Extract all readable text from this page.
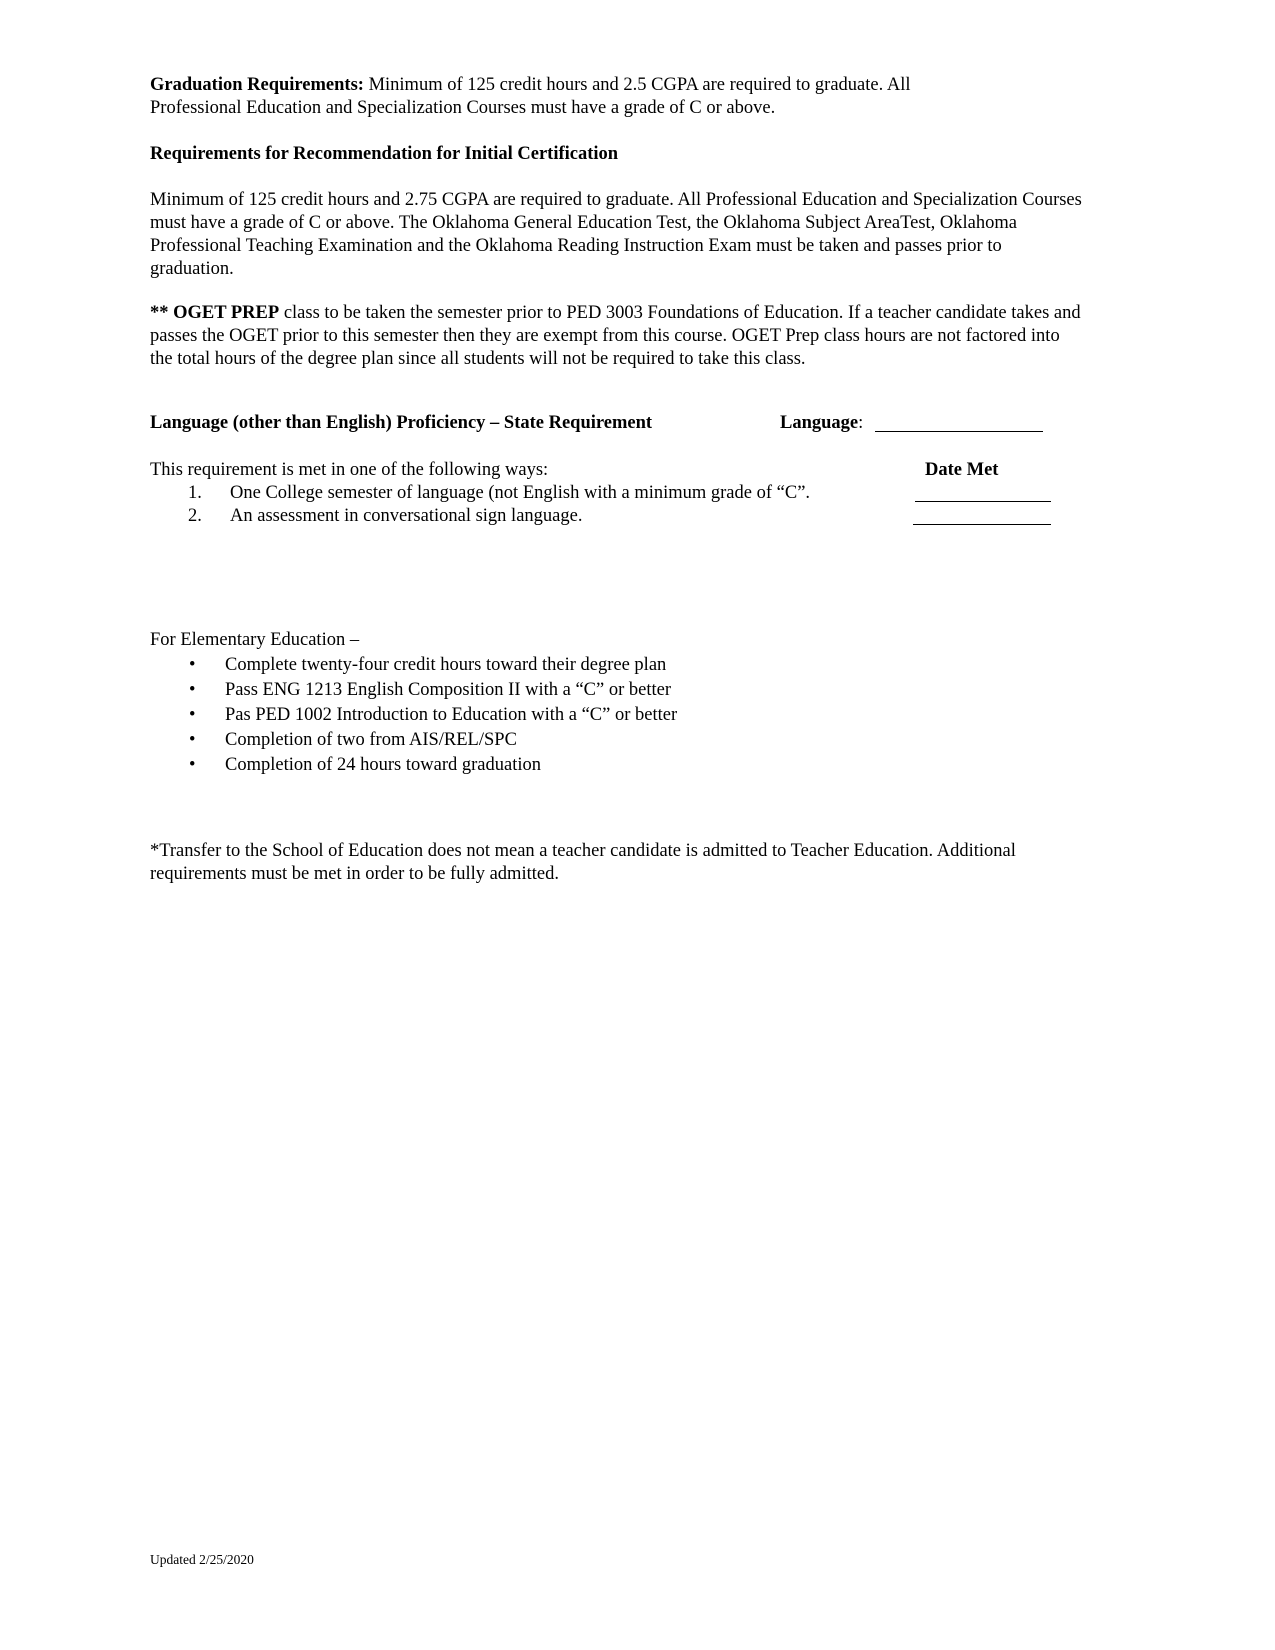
Graduation Requirements: Minimum of 125 credit hours and 2.5 CGPA are required to graduate. All Professional Education and Specialization Courses must have a grade of C or above.

Requirements for Recommendation for Initial Certification

Minimum of 125 credit hours and 2.75 CGPA are required to graduate. All Professional Education and Specialization Courses must have a grade of C or above. The Oklahoma General Education Test, the Oklahoma Subject AreaTest, Oklahoma Professional Teaching Examination and the Oklahoma Reading Instruction Exam must be taken and passes prior to graduation.

** OGET PREP class to be taken the semester prior to PED 3003 Foundations of Education. If a teacher candidate takes and passes the OGET prior to this semester then they are exempt from this course. OGET Prep class hours are not factored into the total hours of the degree plan since all students will not be required to take this class.

Language (other than English) Proficiency – State Requirement	Language:
This requirement is met in one of the following ways:	Date Met
1. One College semester of language (not English with a minimum grade of “C”.
2. An assessment in conversational sign language.

For Elementary Education –

• Complete twenty-four credit hours toward their degree plan
• Pass ENG 1213 English Composition II with a “C” or better
• Pas PED 1002 Introduction to Education with a “C” or better
• Completion of two from AIS/REL/SPC
• Completion of 24 hours toward graduation

*Transfer to the School of Education does not mean a teacher candidate is admitted to Teacher Education. Additional requirements must be met in order to be fully admitted.

Updated 2/25/2020
